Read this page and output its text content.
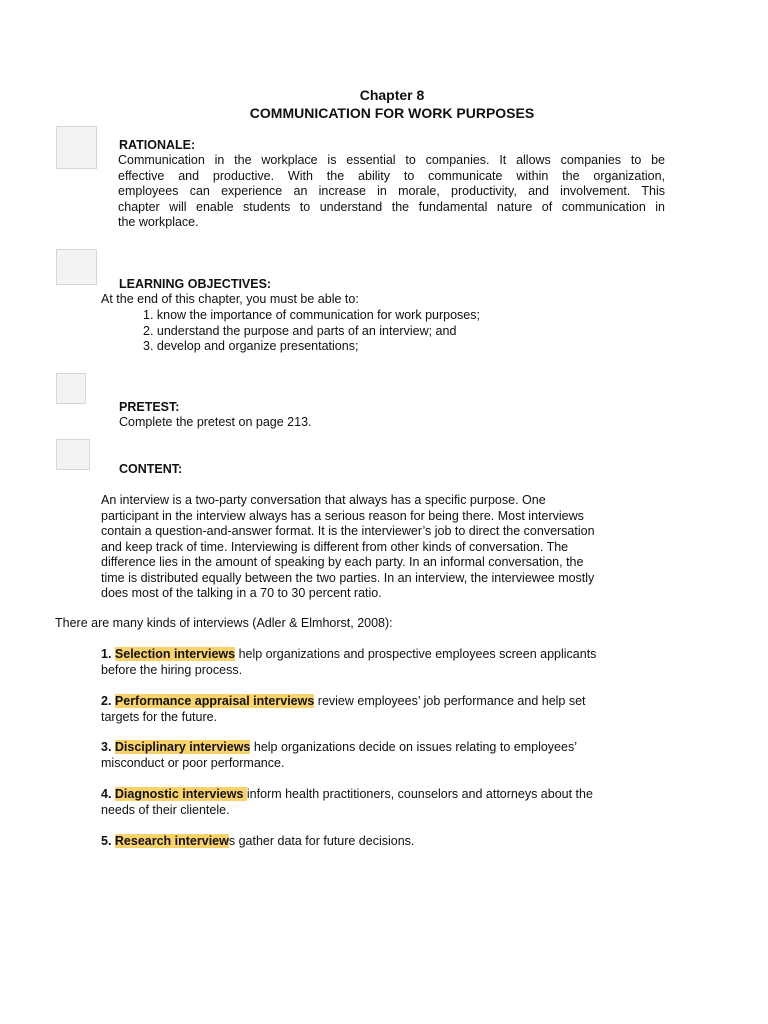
Chapter 8
COMMUNICATION FOR WORK PURPOSES
RATIONALE:
Communication in the workplace is essential to companies. It allows companies to be
effective and productive. With the ability to communicate within the organization,
employees can experience an increase in morale, productivity, and involvement. This
chapter will enable students to understand the fundamental nature of communication in
the workplace.
LEARNING OBJECTIVES:
At the end of this chapter, you must be able to:
1. know the importance of communication for work purposes;
2. understand the purpose and parts of an interview; and
3. develop and organize presentations;
PRETEST:
Complete the pretest on page 213.
CONTENT:
An interview is a two-party conversation that always has a specific purpose. One
participant in the interview always has a serious reason for being there. Most interviews
contain a question-and-answer format. It is the interviewer’s job to direct the conversation
and keep track of time. Interviewing is different from other kinds of conversation. The
difference lies in the amount of speaking by each party. In an informal conversation, the
time is distributed equally between the two parties. In an interview, the interviewee mostly
does most of the talking in a 70 to 30 percent ratio.
There are many kinds of interviews (Adler & Elmhorst, 2008):
1. Selection interviews help organizations and prospective employees screen applicants
before the hiring process.
2. Performance appraisal interviews review employees’ job performance and help set
targets for the future.
3. Disciplinary interviews help organizations decide on issues relating to employees’
misconduct or poor performance.
4. Diagnostic interviews inform health practitioners, counselors and attorneys about the
needs of their clientele.
5. Research interviews gather data for future decisions.
